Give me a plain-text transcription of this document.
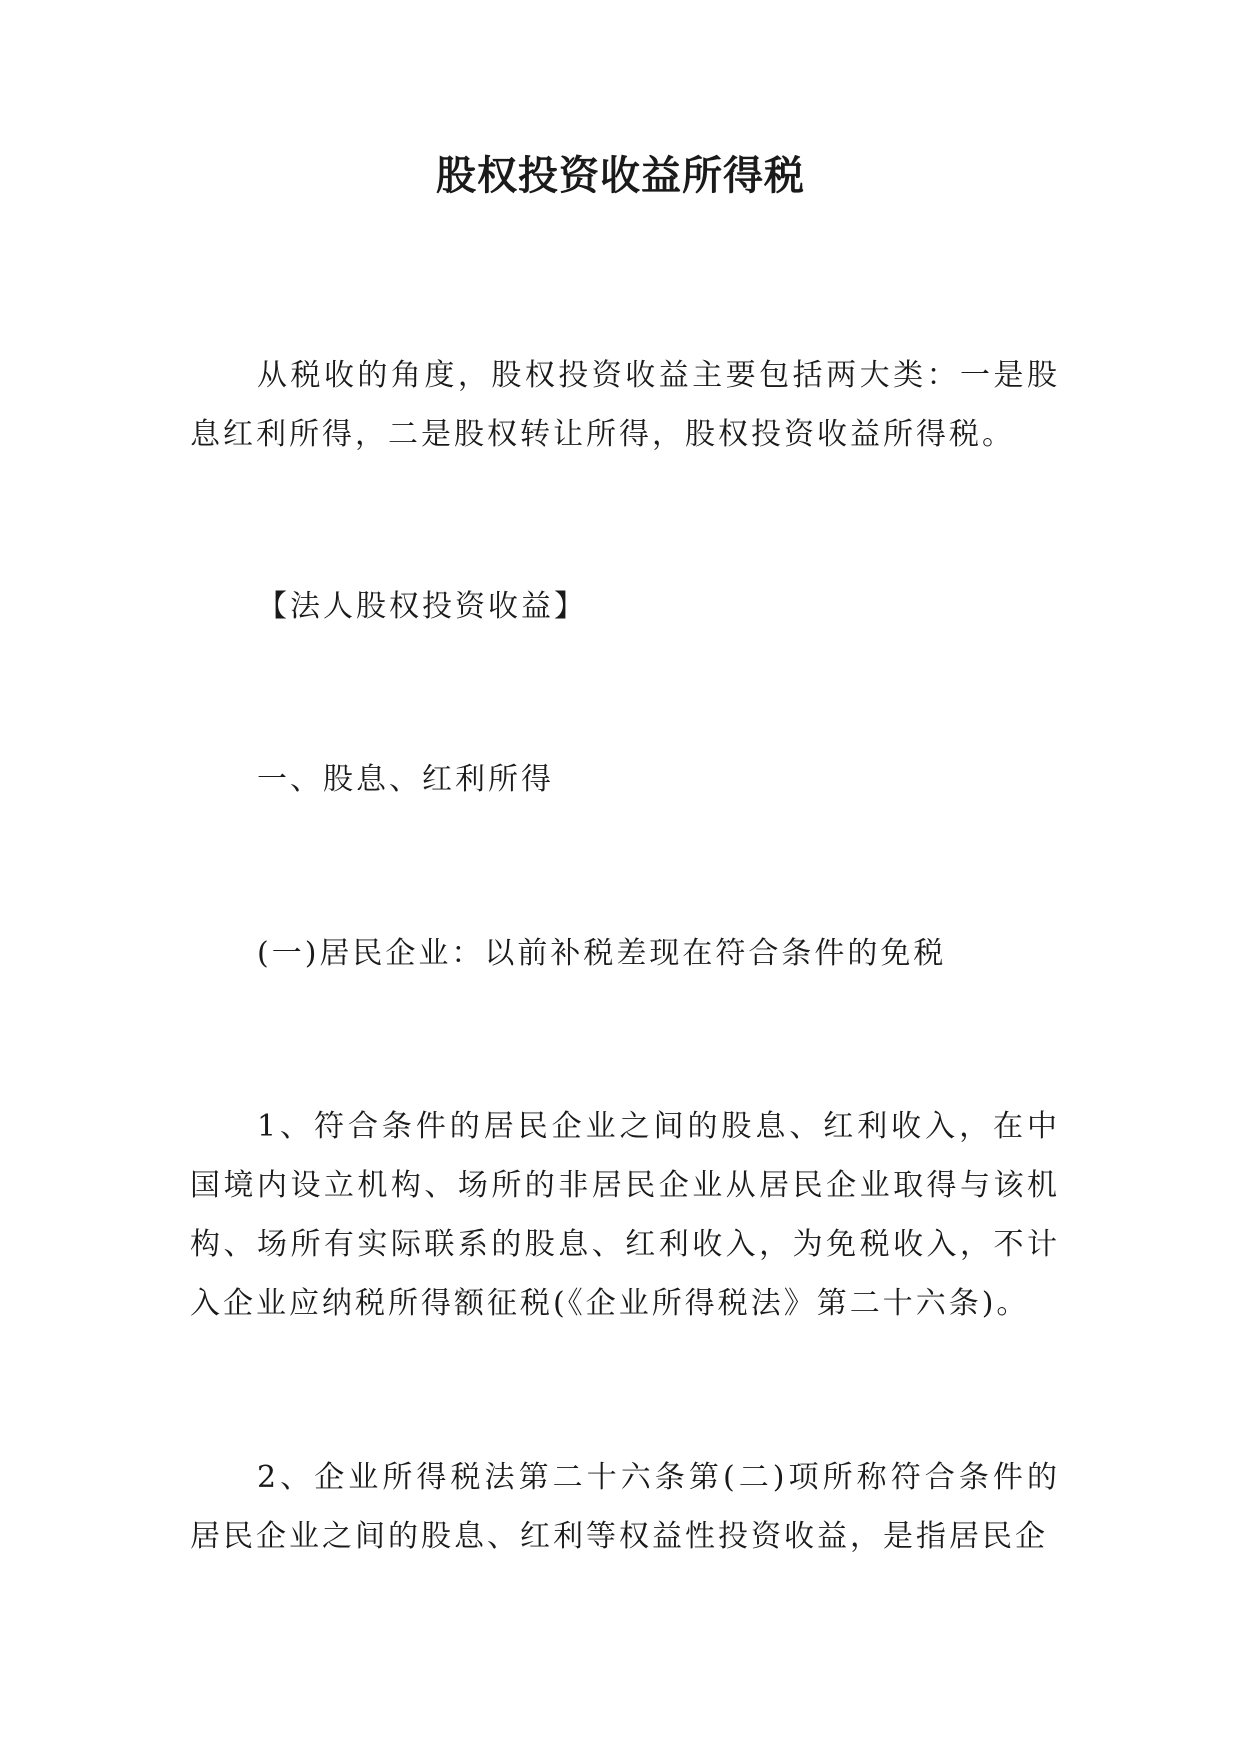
股权投资收益所得税

从税收的角度，股权投资收益主要包括两大类：一是股息红利所得，二是股权转让所得，股权投资收益所得税。

【法人股权投资收益】

一、股息、红利所得

(一)居民企业：以前补税差现在符合条件的免税

1、符合条件的居民企业之间的股息、红利收入，在中国境内设立机构、场所的非居民企业从居民企业取得与该机构、场所有实际联系的股息、红利收入，为免税收入，不计入企业应纳税所得额征税(《企业所得税法》第二十六条)。

2、企业所得税法第二十六条第(二)项所称符合条件的居民企业之间的股息、红利等权益性投资收益，是指居民企
